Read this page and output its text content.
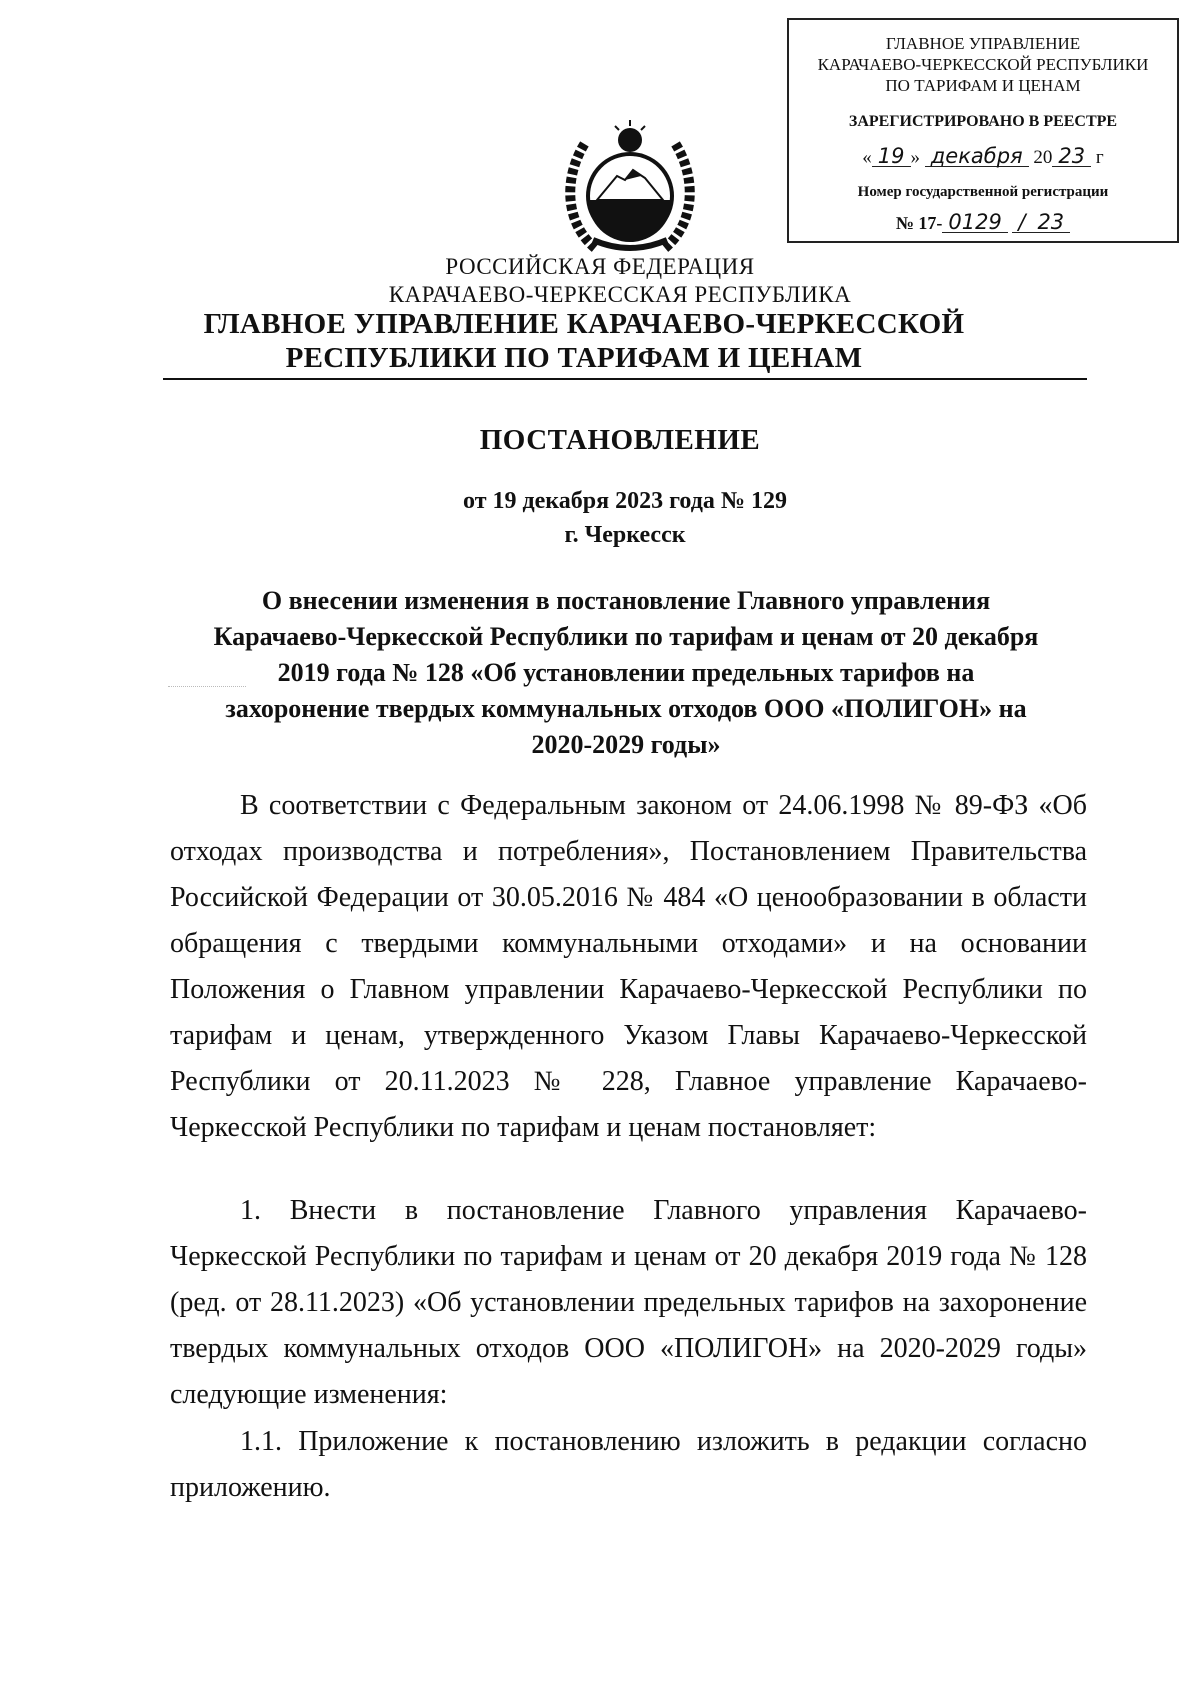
ГЛАВНОЕ УПРАВЛЕНИЕ
КАРАЧАЕВО-ЧЕРКЕССКОЙ РЕСПУБЛИКИ
ПО ТАРИФАМ И ЦЕНАМ
ЗАРЕГИСТРИРОВАНО В РЕЕСТРЕ
« 19 » декабря 20 23 г
Номер государственной регистрации
№ 17- 0129 / 23
РОССИЙСКАЯ ФЕДЕРАЦИЯ
КАРАЧАЕВО-ЧЕРКЕССКАЯ РЕСПУБЛИКА
ГЛАВНОЕ УПРАВЛЕНИЕ КАРАЧАЕВО-ЧЕРКЕССКОЙ
РЕСПУБЛИКИ ПО ТАРИФАМ И ЦЕНАМ
ПОСТАНОВЛЕНИЕ
от 19 декабря 2023 года № 129
г. Черкесск
О внесении изменения в постановление Главного управления
Карачаево-Черкесской Республики по тарифам и ценам от 20 декабря
2019 года № 128 «Об установлении предельных тарифов на
захоронение твердых коммунальных отходов ООО «ПОЛИГОН» на
2020-2029 годы»
В соответствии с Федеральным законом от 24.06.1998 № 89-ФЗ «Об
отходах производства и потребления», Постановлением Правительства
Российской Федерации от 30.05.2016 № 484 «О ценообразовании в области
обращения с твердыми коммунальными отходами» и на основании
Положения о Главном управлении Карачаево-Черкесской Республики по
тарифам и ценам, утвержденного Указом Главы Карачаево-Черкесской
Республики от 20.11.2023 № 228, Главное управление Карачаево-
Черкесской Республики по тарифам и ценам постановляет:
1. Внести в постановление Главного управления Карачаево-
Черкесской Республики по тарифам и ценам от 20 декабря 2019 года № 128
(ред. от 28.11.2023) «Об установлении предельных тарифов на захоронение
твердых коммунальных отходов ООО «ПОЛИГОН» на 2020-2029 годы»
следующие изменения:
1.1. Приложение к постановлению изложить в редакции согласно
приложению.
